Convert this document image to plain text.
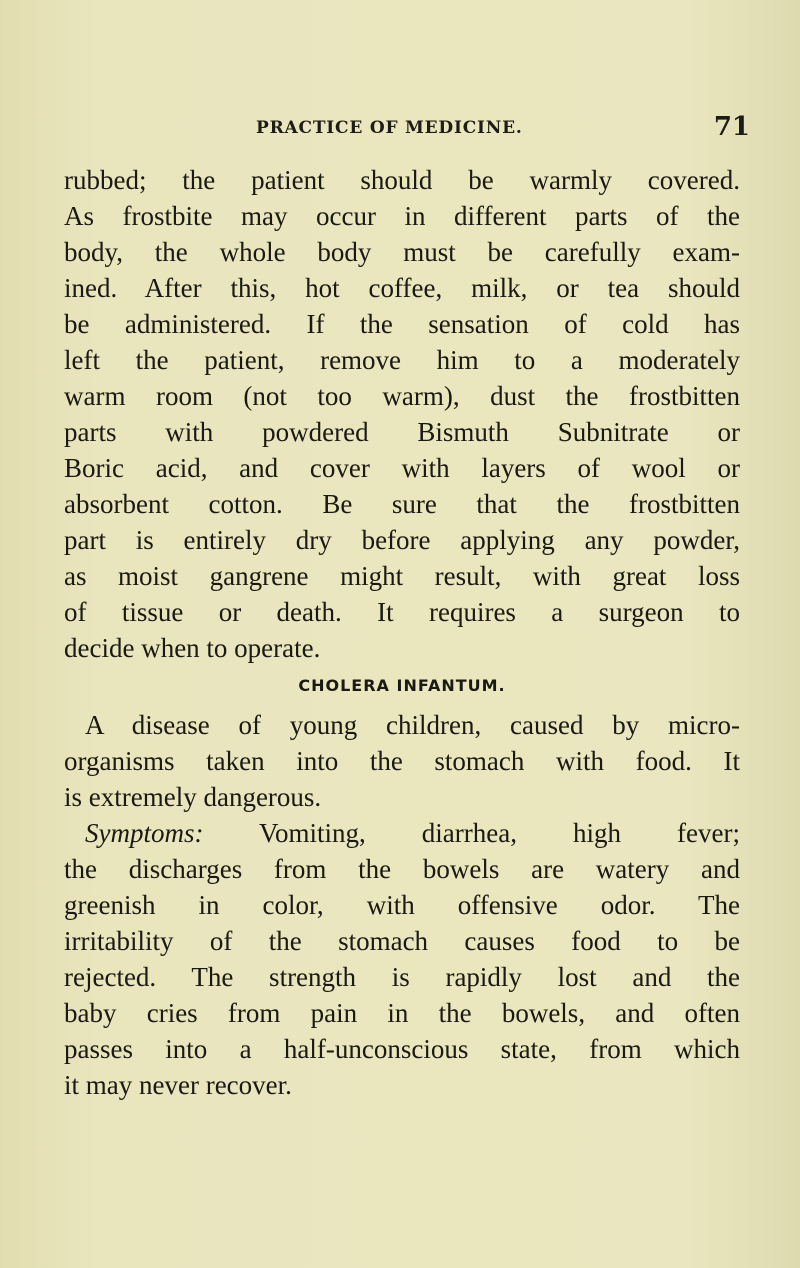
PRACTICE OF MEDICINE.	71
rubbed; the patient should be warmly covered.
As frostbite may occur in different parts of the
body, the whole body must be carefully exam-
ined. After this, hot coffee, milk, or tea should
be administered. If the sensation of cold has
left the patient, remove him to a moderately
warm room (not too warm), dust the frostbitten
parts with powdered Bismuth Subnitrate or
Boric acid, and cover with layers of wool or
absorbent cotton. Be sure that the frostbitten
part is entirely dry before applying any powder,
as moist gangrene might result, with great loss
of tissue or death. It requires a surgeon to
decide when to operate.
CHOLERA INFANTUM.
A disease of young children, caused by micro-
organisms taken into the stomach with food. It
is extremely dangerous.
Symptoms: Vomiting, diarrhea, high fever;
the discharges from the bowels are watery and
greenish in color, with offensive odor. The
irritability of the stomach causes food to be
rejected. The strength is rapidly lost and the
baby cries from pain in the bowels, and often
passes into a half-unconscious state, from which
it may never recover.
